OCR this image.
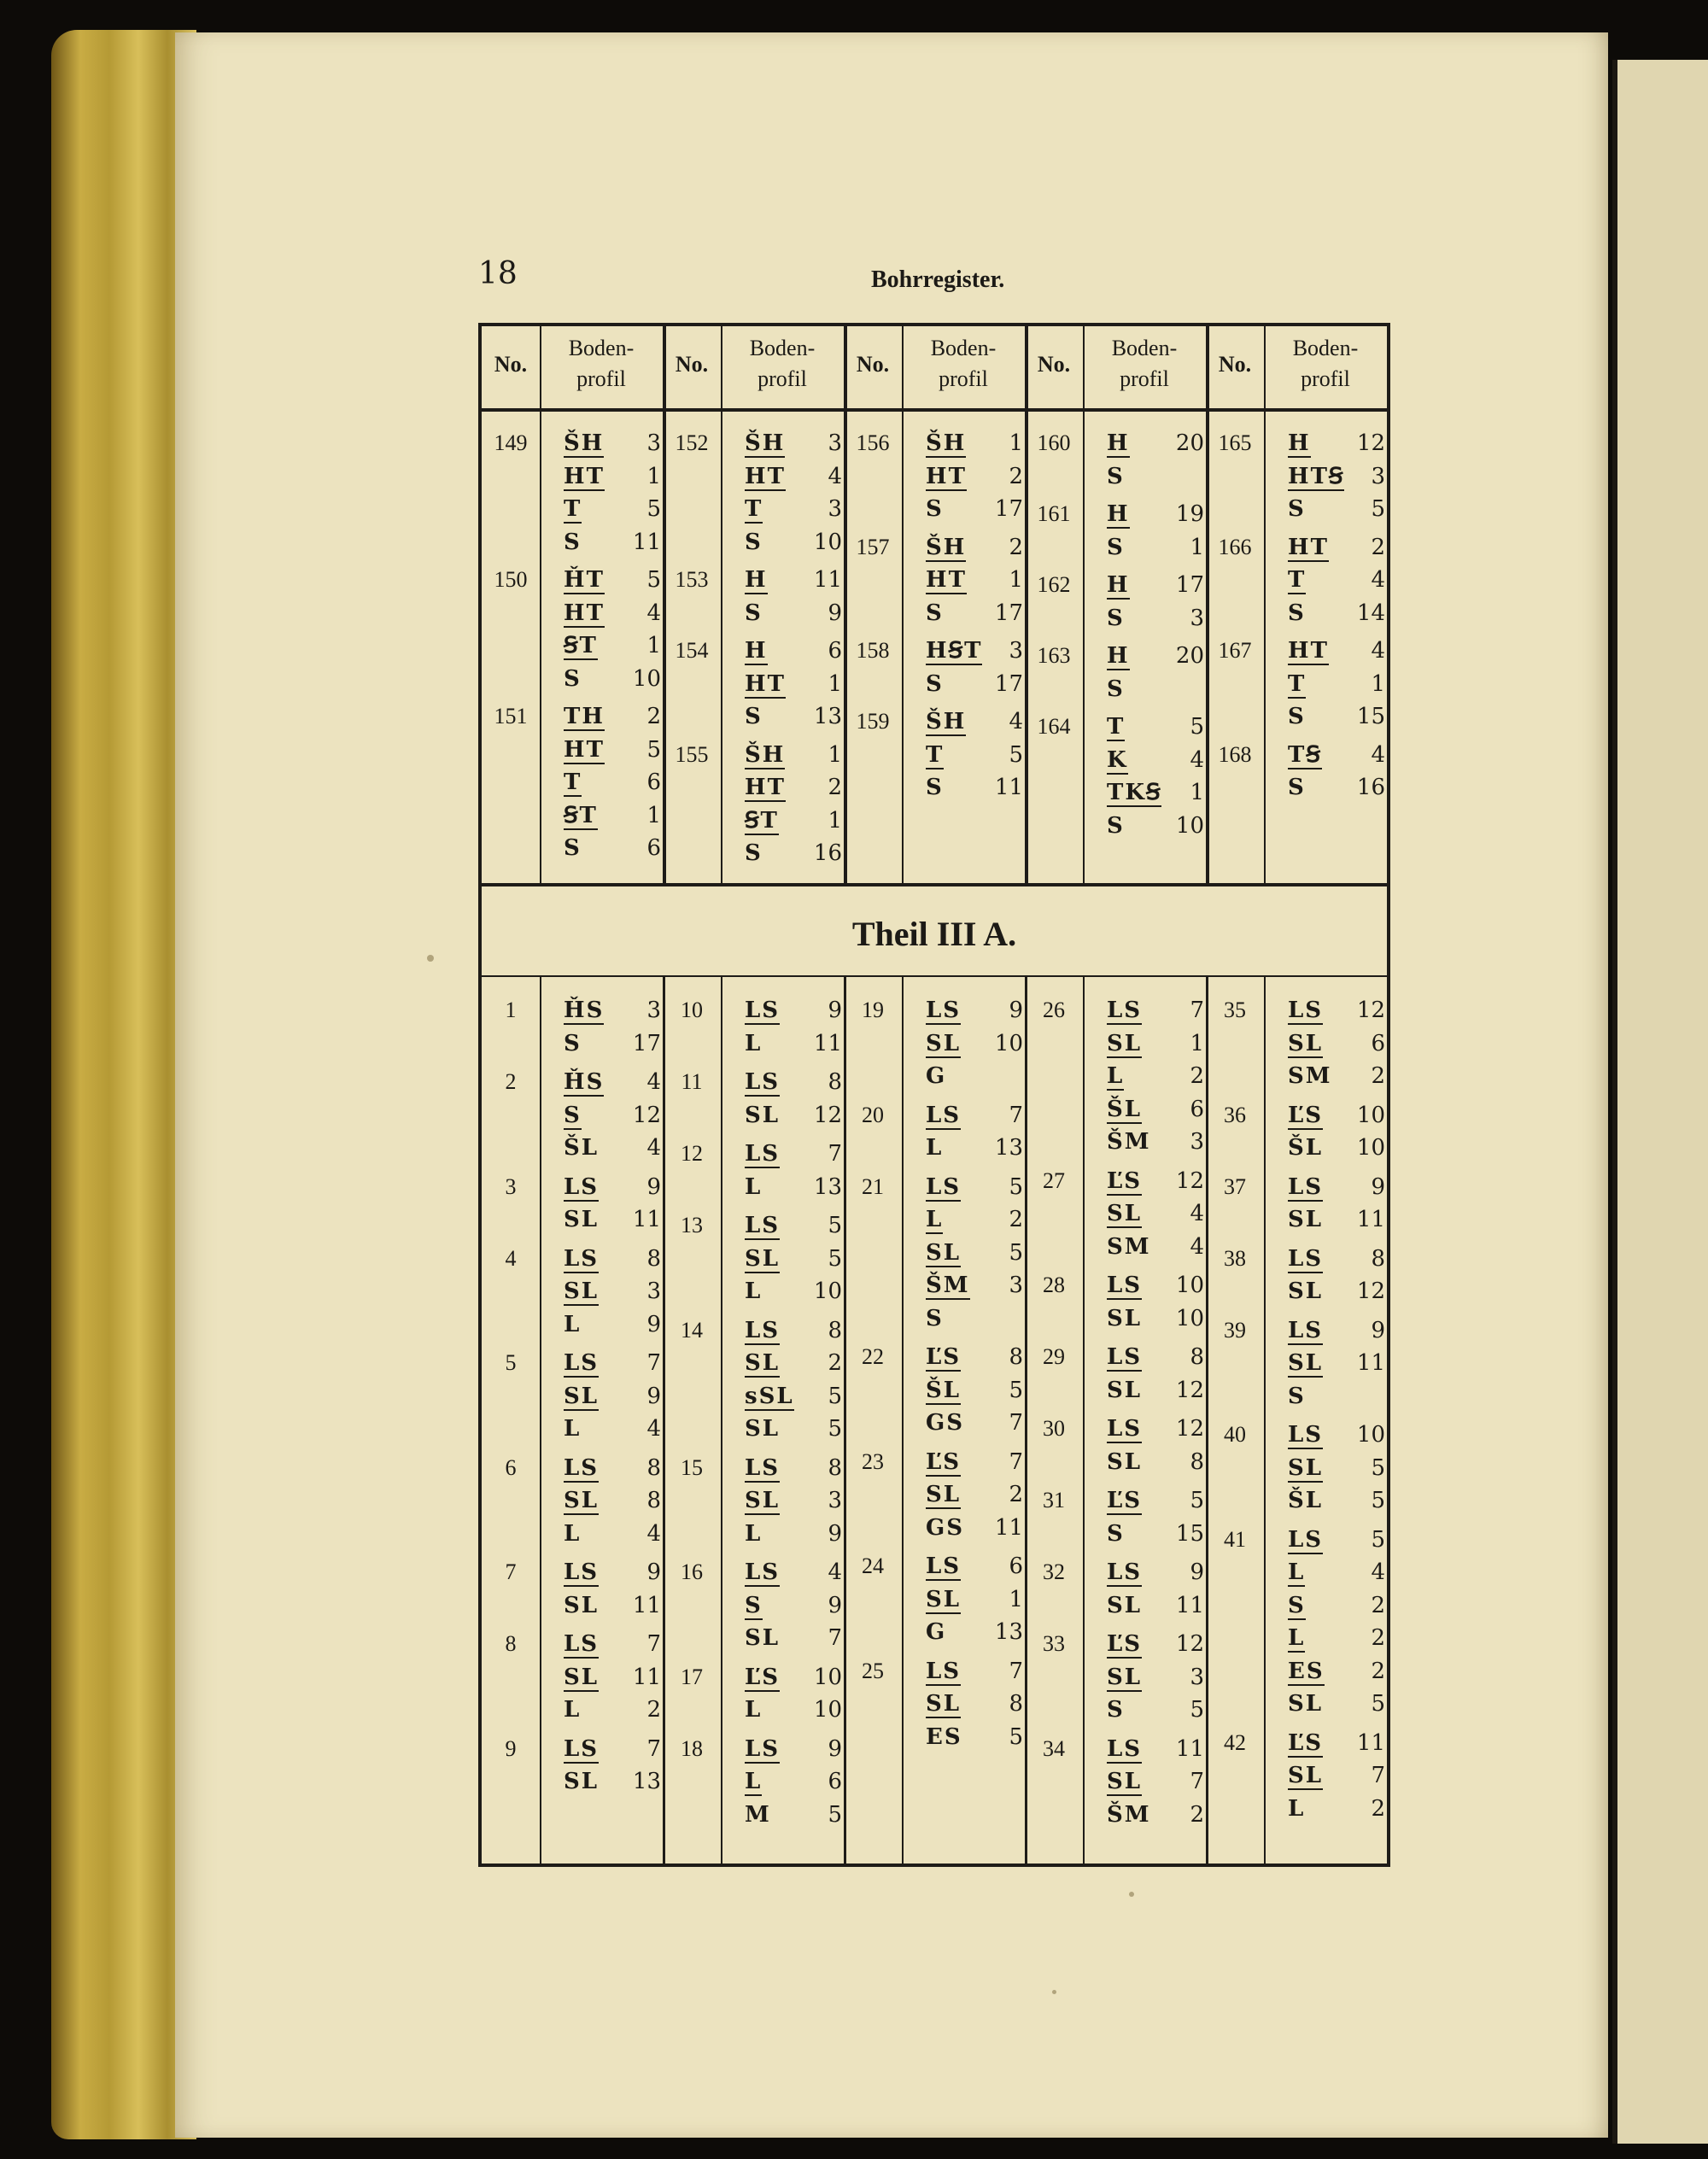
18	Bohrregister.
Theil III A.
No.
Boden-
profil
No.
Boden-
profil
No.
Boden-
profil
No.
Boden-
profil
No.
Boden-
profil
149	ŠH	3
HT	1
T	5
S	11
150	ȞT	5
HT	4
ꞨT	1
S	10
151	TH	2
HT	5
T	6
ꞨT	1
S	6
152	ŠH	3
HT	4
T	3
S	10
153	H	11
S	9
154	H	6
HT	1
S	13
155	ŠH	1
HT	2
ꞨT	1
S	16
156	ŠH	1
HT	2
S	17
157	ŠH	2
HT	1
S	17
158	HꞨT	3
S	17
159	ŠH	4
T	5
S	11
160	H	20
S
161	H	19
S	1
162	H	17
S	3
163	H	20
S
164	T	5
K	4
TKꞨ	1
S	10
165	H	12
HTꞨ	3
S	5
166	HT	2
T	4
S	14
167	HT	4
T	1
S	15
168	TꞨ	4
S	16
1	ȞS	3
S	17
2	ȞS	4
S	12
ŠL	4
3	LS	9
SL	11
4	LS	8
SL	3
L	9
5	LS	7
SL	9
L	4
6	LS	8
SL	8
L	4
7	LS	9
SL	11
8	LS	7
SL	11
L	2
9	LS	7
SL	13
10	LS	9
L	11
11	LS	8
SL	12
12	LS	7
L	13
13	LS	5
SL	5
L	10
14	LS	8
SL	2
sSL	5
SL	5
15	LS	8
SL	3
L	9
16	LS	4
S	9
SL	7
17	ĽS	10
L	10
18	LS	9
L	6
M	5
19	LS	9
SL	10
G
20	LS	7
L	13
21	LS	5
L	2
SL	5
ŠM	3
S
22	ĽS	8
ŠL	5
GS	7
23	ĽS	7
SL	2
GS	11
24	LS	6
SL	1
G	13
25	LS	7
SL	8
ES	5
26	LS	7
SL	1
L	2
ŠL	6
ŠM	3
27	ĽS	12
SL	4
SM	4
28	LS	10
SL	10
29	LS	8
SL	12
30	LS	12
SL	8
31	ĽS	5
S	15
32	LS	9
SL	11
33	ĽS	12
SL	3
S	5
34	LS	11
SL	7
ŠM	2
35	LS	12
SL	6
SM	2
36	ĽS	10
ŠL	10
37	LS	9
SL	11
38	LS	8
SL	12
39	LS	9
SL	11
S
40	LS	10
SL	5
ŠL	5
41	LS	5
L	4
S	2
L	2
ES	2
SL	5
42	ĽS	11
SL	7
L	2
